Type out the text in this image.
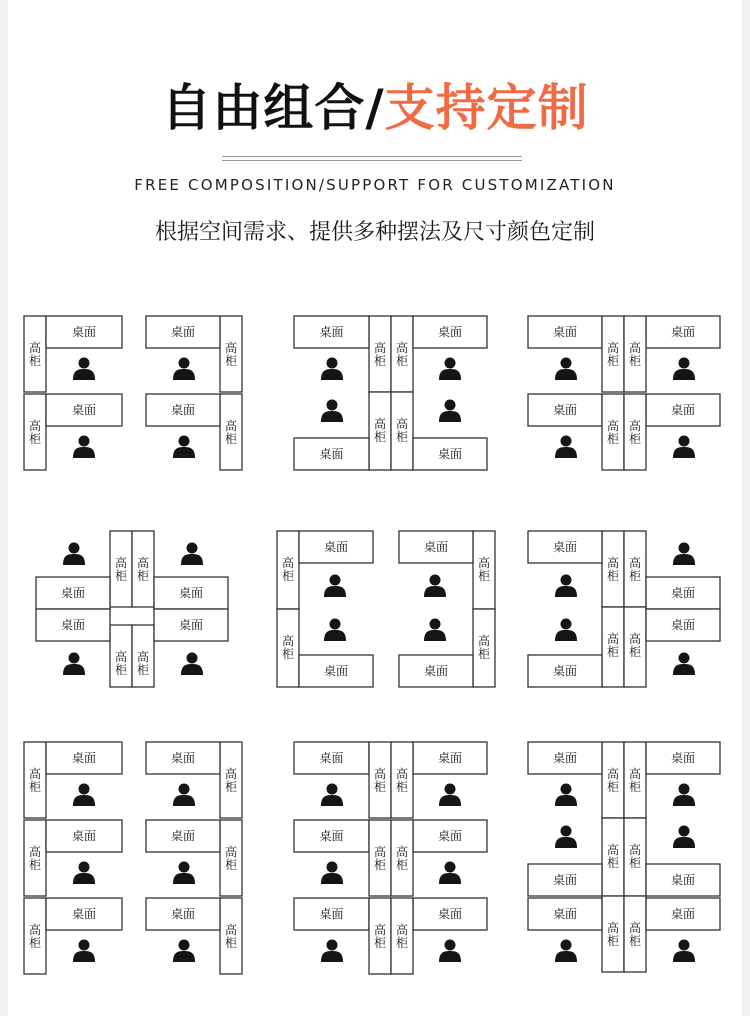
自由组合/支持定制
FREE COMPOSITION/SUPPORT FOR CUSTOMIZATION
根据空间需求、提供多种摆法及尺寸颜色定制
高
柜
桌面
高
柜
桌面
高
柜
桌面
高
柜
桌面
高
柜
高
柜
高
柜
高
柜
桌面	桌面
桌面	桌面
桌面	桌面
高
柜
高
柜
桌面	桌面
高
柜
高
柜
高
柜
高
柜
高
柜
高
柜
桌面	桌面
桌面	桌面
高
柜
高
柜
高
柜
高
柜
桌面	桌面
桌面	桌面
高
柜
高
柜
高
柜
高
柜
桌面
桌面
桌面
桌面
高
柜
桌面
高
柜
桌面
高
柜
桌面
高
柜
桌面
高
柜
桌面
高
柜
桌面
桌面	桌面
高
柜
高
柜
桌面	桌面
高
柜
高
柜
桌面	桌面
高
柜
高
柜
高
柜
高
柜
高
柜
高
柜
高
柜
高
柜
桌面	桌面
桌面	桌面
桌面	桌面
